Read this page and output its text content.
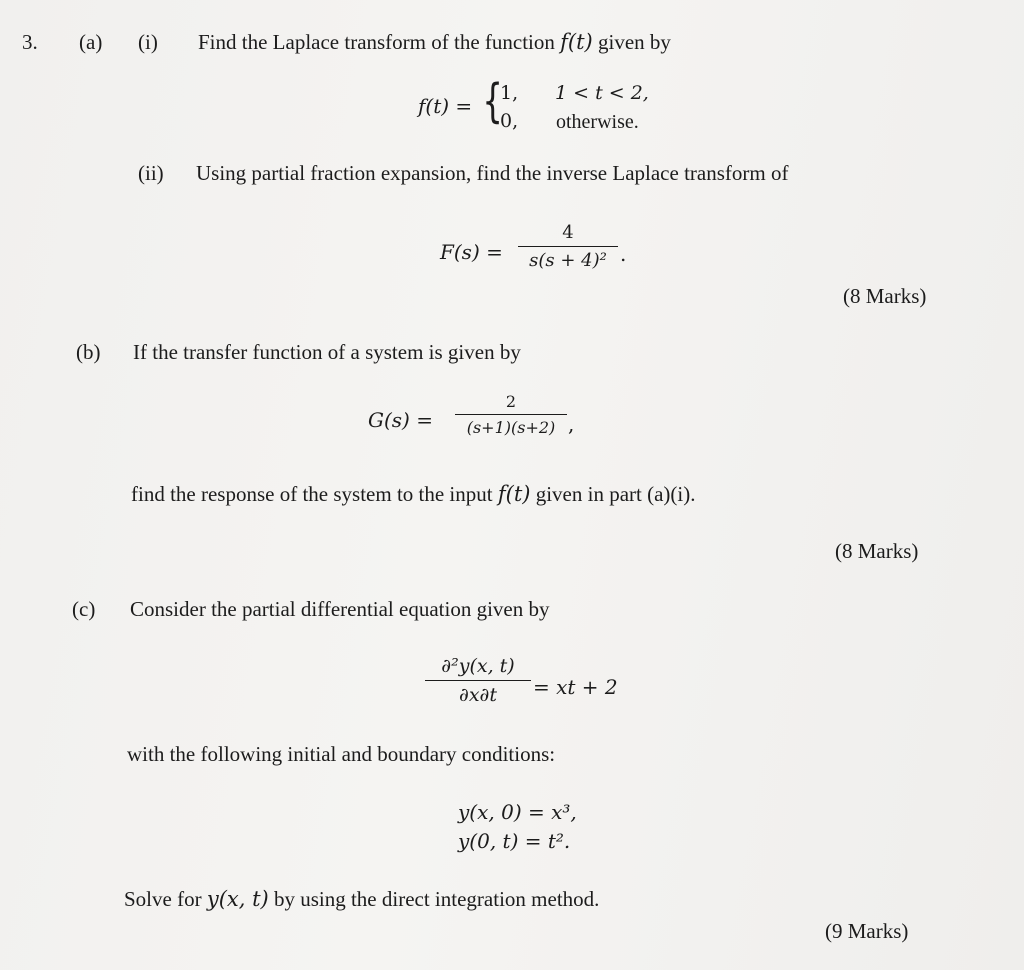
3. (a) (i) Find the Laplace transform of the function f(t) given by
f(t) = {
1, 1 < t < 2,
0, otherwise.
(ii) Using partial fraction expansion, find the inverse Laplace transform of
F(s) =
4
s(s + 4)² .
(8 Marks)
(b) If the transfer function of a system is given by
G(s) =
2
(s+1)(s+2) ,
find the response of the system to the input f(t) given in part (a)(i).
(8 Marks)
(c) Consider the partial differential equation given by
∂²y(x, t)
∂x∂t	= xt + 2
with the following initial and boundary conditions:
y(x, 0) = x³,
y(0, t) = t².
Solve for y(x, t) by using the direct integration method.
(9 Marks)
